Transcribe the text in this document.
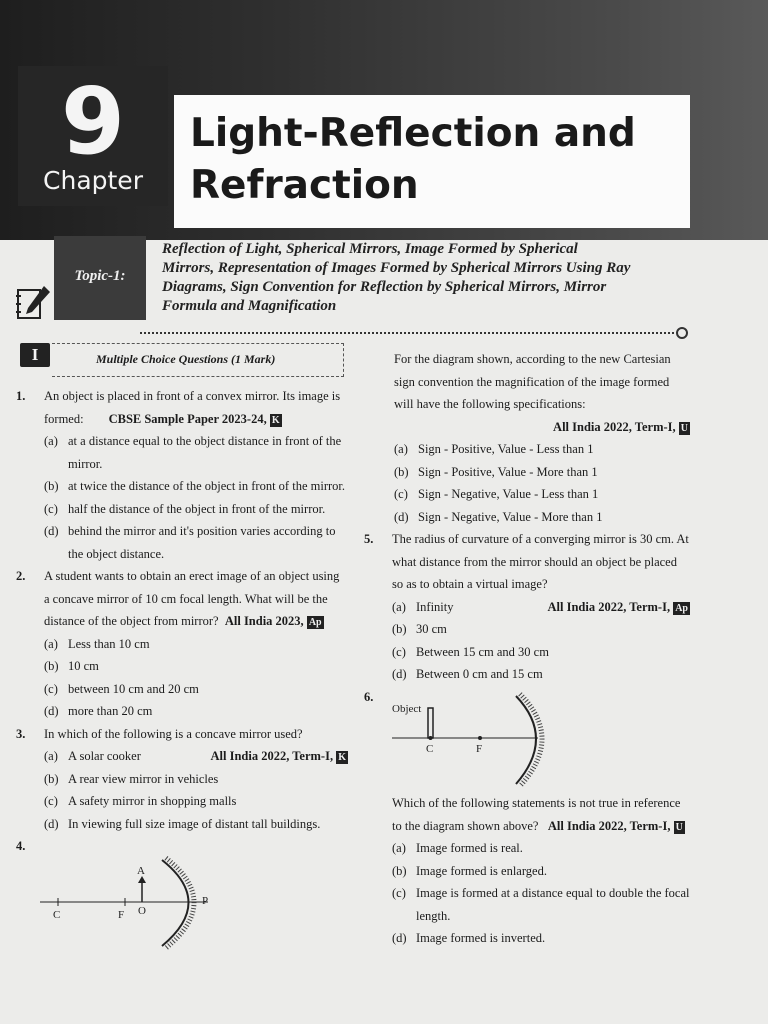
9
Chapter
Light-Reflection and
Refraction
Topic-1:
Reflection of Light, Spherical Mirrors, Image Formed by Spherical Mirrors, Representation of Images Formed by Spherical Mirrors Using Ray Diagrams, Sign Convention for Reflection by Spherical Mirrors, Mirror Formula and Magnification
I	Multiple Choice Questions (1 Mark)
1.	An object is placed in front of a convex mirror. Its image is formed: CBSE Sample Paper 2023-24, K
(a) at a distance equal to the object distance in front of the mirror.
(b) at twice the distance of the object in front of the mirror.
(c) half the distance of the object in front of the mirror.
(d) behind the mirror and it's position varies according to the object distance.
2.	A student wants to obtain an erect image of an object using a concave mirror of 10 cm focal length. What will be the distance of the object from mirror? All India 2023, Ap
(a) Less than 10 cm
(b) 10 cm
(c) between 10 cm and 20 cm
(d) more than 20 cm
3.	In which of the following is a concave mirror used?
(a) A solar cooker	All India 2022, Term-I, K
(b) A rear view mirror in vehicles
(c) A safety mirror in shopping malls
(d) In viewing full size image of distant tall buildings.
4.
C	F O
A
P
For the diagram shown, according to the new Cartesian sign convention the magnification of the image formed will have the following specifications:
All India 2022, Term-I, U
(a) Sign - Positive, Value - Less than 1
(b) Sign - Positive, Value - More than 1
(c) Sign - Negative, Value - Less than 1
(d) Sign - Negative, Value - More than 1
5.	The radius of curvature of a converging mirror is 30 cm. At what distance from the mirror should an object be placed so as to obtain a virtual image?
(a) Infinity	All India 2022, Term-I, Ap
(b) 30 cm
(c) Between 15 cm and 30 cm
(d) Between 0 cm and 15 cm
6.
Object
C	F
Which of the following statements is not true in reference to the diagram shown above? All India 2022, Term-I, U
(a) Image formed is real.
(b) Image formed is enlarged.
(c) Image is formed at a distance equal to double the focal length.
(d) Image formed is inverted.
